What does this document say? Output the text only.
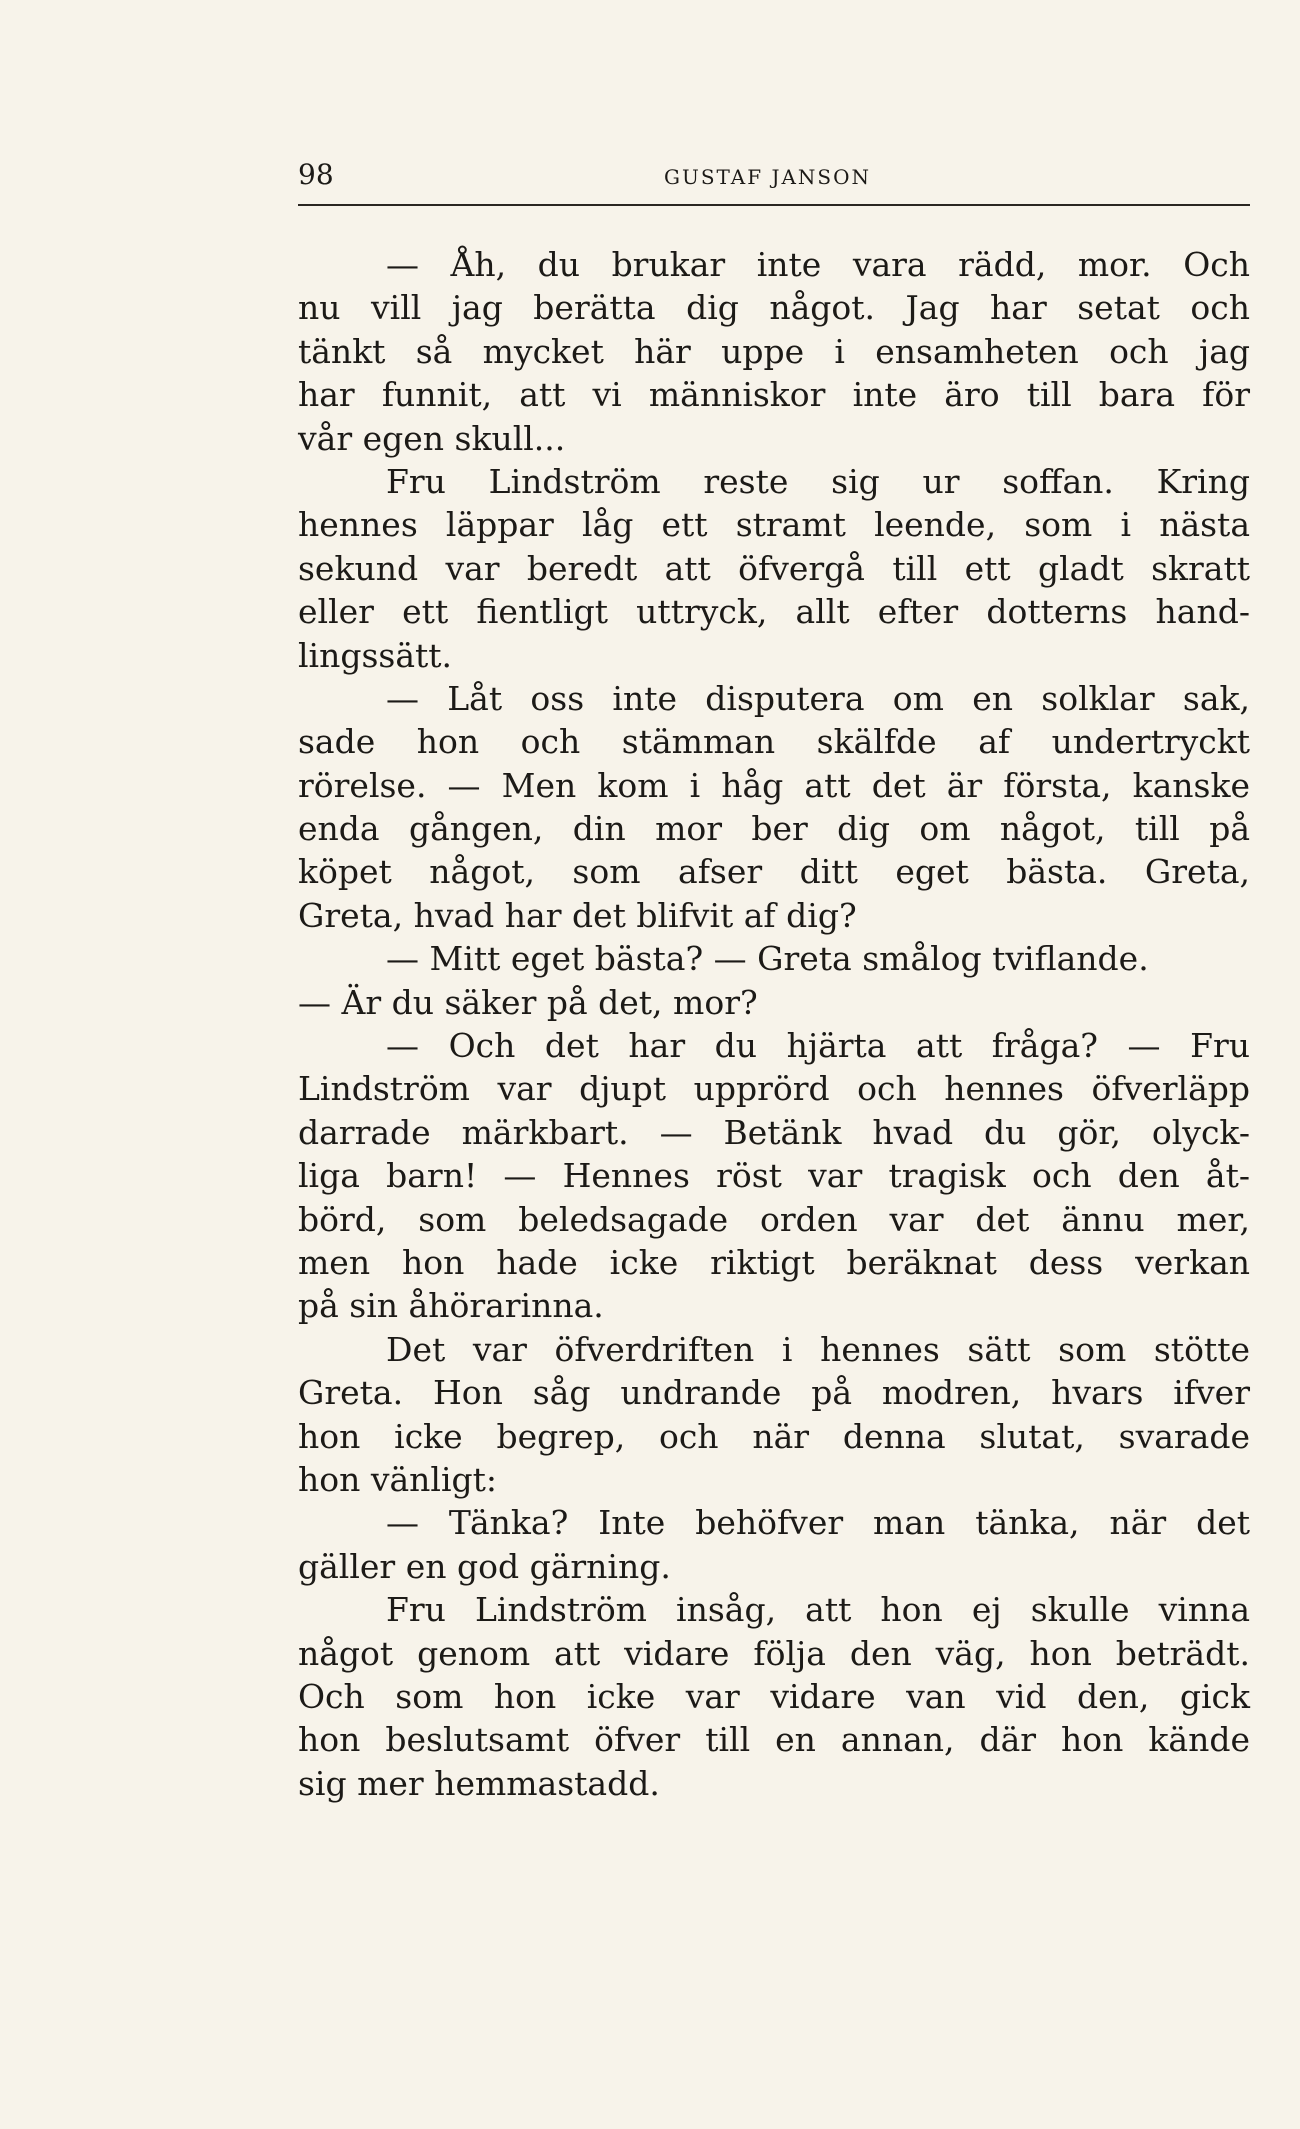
98	GUSTAF JANSON
— Åh, du brukar inte vara rädd, mor. Och
nu vill jag berätta dig något. Jag har setat och
tänkt så mycket här uppe i ensamheten och jag
har funnit, att vi människor inte äro till bara för
vår egen skull...
Fru Lindström reste sig ur soffan. Kring
hennes läppar låg ett stramt leende, som i nästa
sekund var beredt att öfvergå till ett gladt skratt
eller ett fientligt uttryck, allt efter dotterns hand-
lingssätt.
— Låt oss inte disputera om en solklar sak,
sade hon och stämman skälfde af undertryckt
rörelse. — Men kom i håg att det är första, kanske
enda gången, din mor ber dig om något, till på
köpet något, som afser ditt eget bästa. Greta,
Greta, hvad har det blifvit af dig?
— Mitt eget bästa? — Greta smålog tviflande.
— Är du säker på det, mor?
— Och det har du hjärta att fråga? — Fru
Lindström var djupt upprörd och hennes öfverläpp
darrade märkbart. — Betänk hvad du gör, olyck-
liga barn! — Hennes röst var tragisk och den åt-
börd, som beledsagade orden var det ännu mer,
men hon hade icke riktigt beräknat dess verkan
på sin åhörarinna.
Det var öfverdriften i hennes sätt som stötte
Greta. Hon såg undrande på modren, hvars ifver
hon icke begrep, och när denna slutat, svarade
hon vänligt:
— Tänka? Inte behöfver man tänka, när det
gäller en god gärning.
Fru Lindström insåg, att hon ej skulle vinna
något genom att vidare följa den väg, hon beträdt.
Och som hon icke var vidare van vid den, gick
hon beslutsamt öfver till en annan, där hon kände
sig mer hemmastadd.
